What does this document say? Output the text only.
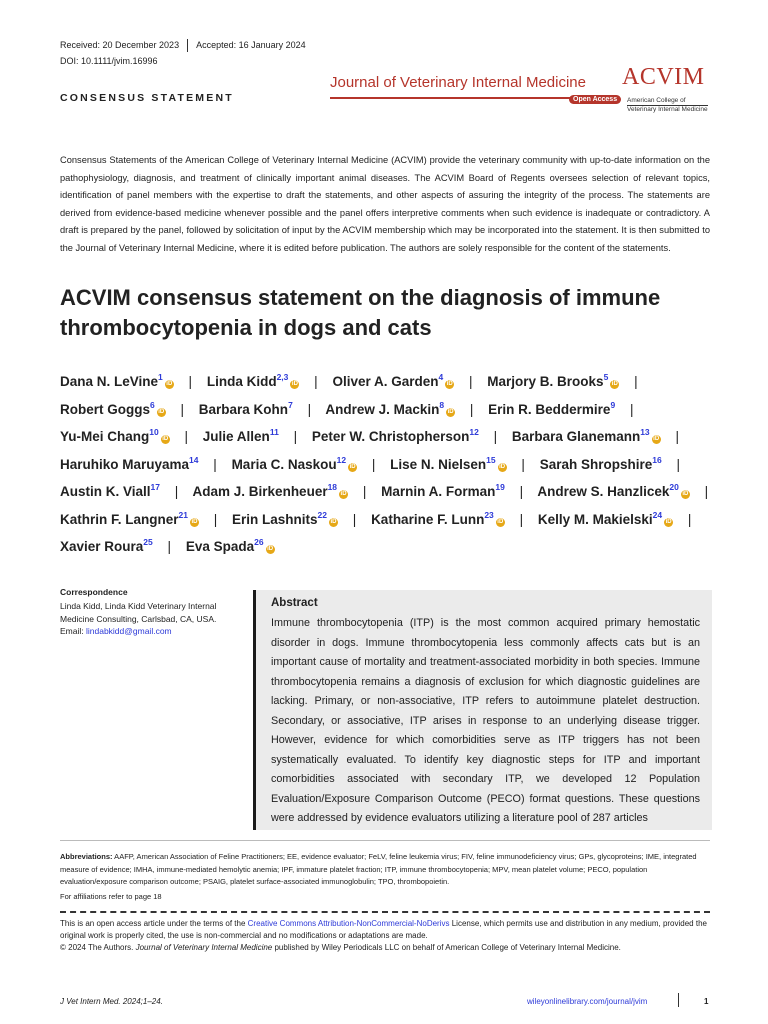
Received: 20 December 2023 Accepted: 16 January 2024
DOI: 10.1111/jvim.16996
CONSENSUS STATEMENT
Journal of Veterinary Internal Medicine
Open Access
ACVIM
American College of
Veterinary Internal Medicine
Consensus Statements of the American College of Veterinary Internal Medicine (ACVIM) provide the veterinary community with up-to-date information on the pathophysiology, diagnosis, and treatment of clinically important animal diseases. The ACVIM Board of Regents oversees selection of relevant topics, identification of panel members with the expertise to draft the statements, and other aspects of assuring the integrity of the process. The statements are derived from evidence-based medicine whenever possible and the panel offers interpretive comments when such evidence is inadequate or contradictory. A draft is prepared by the panel, followed by solicitation of input by the ACVIM membership which may be incorporated into the statement. It is then submitted to the Journal of Veterinary Internal Medicine, where it is edited before publication. The authors are solely responsible for the content of the statements.
ACVIM consensus statement on the diagnosis of immune thrombocytopenia in dogs and cats
Dana N. LeVine$^1$iD | Linda Kidd$^{2,3}$iD | Oliver A. Garden$^4$iD | Marjory B. Brooks$^5$iD | Robert Goggs$^6$iD | Barbara Kohn$^7$ | Andrew J. Mackin$^8$iD | Erin R. Beddermire$^9$ | Yu-Mei Chang$^{10}$iD | Julie Allen$^{11}$ | Peter W. Christopherson$^{12}$ | Barbara Glanemann$^{13}$iD | Haruhiko Maruyama$^{14}$ | Maria C. Naskou$^{12}$iD | Lise N. Nielsen$^{15}$iD | Sarah Shropshire$^{16}$ | Austin K. Viall$^{17}$ | Adam J. Birkenheuer$^{18}$iD | Marnin A. Forman$^{19}$ | Andrew S. Hanzlicek$^{20}$iD | Kathrin F. Langner$^{21}$iD | Erin Lashnits$^{22}$iD | Katharine F. Lunn$^{23}$iD | Kelly M. Makielski$^{24}$iD | Xavier Roura$^{25}$ | Eva Spada$^{26}$iD
Correspondence
Linda Kidd, Linda Kidd Veterinary Internal Medicine Consulting, Carlsbad, CA, USA.
Email: lindabkidd@gmail.com
Abstract
Immune thrombocytopenia (ITP) is the most common acquired primary hemostatic disorder in dogs. Immune thrombocytopenia less commonly affects cats but is an important cause of mortality and treatment-associated morbidity in both species. Immune thrombocytopenia remains a diagnosis of exclusion for which diagnostic guidelines are lacking. Primary, or non-associative, ITP refers to autoimmune platelet destruction. Secondary, or associative, ITP arises in response to an underlying disease trigger. However, evidence for which comorbidities serve as ITP triggers has not been systematically evaluated. To identify key diagnostic steps for ITP and important comorbidities associated with secondary ITP, we developed 12 Population Evaluation/Exposure Comparison Outcome (PECO) format questions. These questions were addressed by evidence evaluators utilizing a literature pool of 287 articles
Abbreviations: AAFP, American Association of Feline Practitioners; EE, evidence evaluator; FeLV, feline leukemia virus; FIV, feline immunodeficiency virus; GPs, glycoproteins; IME, integrated measure of evidence; IMHA, immune-mediated hemolytic anemia; IPF, immature platelet fraction; ITP, immune thrombocytopenia; MPV, mean platelet volume; PECO, population evaluation/exposure comparison outcome; PSAIG, platelet surface-associated immunoglobulin; TPO, thrombopoietin.
For affiliations refer to page 18
This is an open access article under the terms of the Creative Commons Attribution-NonCommercial-NoDerivs License, which permits use and distribution in any medium, provided the original work is properly cited, the use is non-commercial and no modifications or adaptations are made.
© 2024 The Authors. Journal of Veterinary Internal Medicine published by Wiley Periodicals LLC on behalf of American College of Veterinary Internal Medicine.
J Vet Intern Med. 2024;1–24.	wileyonlinelibrary.com/journal/jvim	1
